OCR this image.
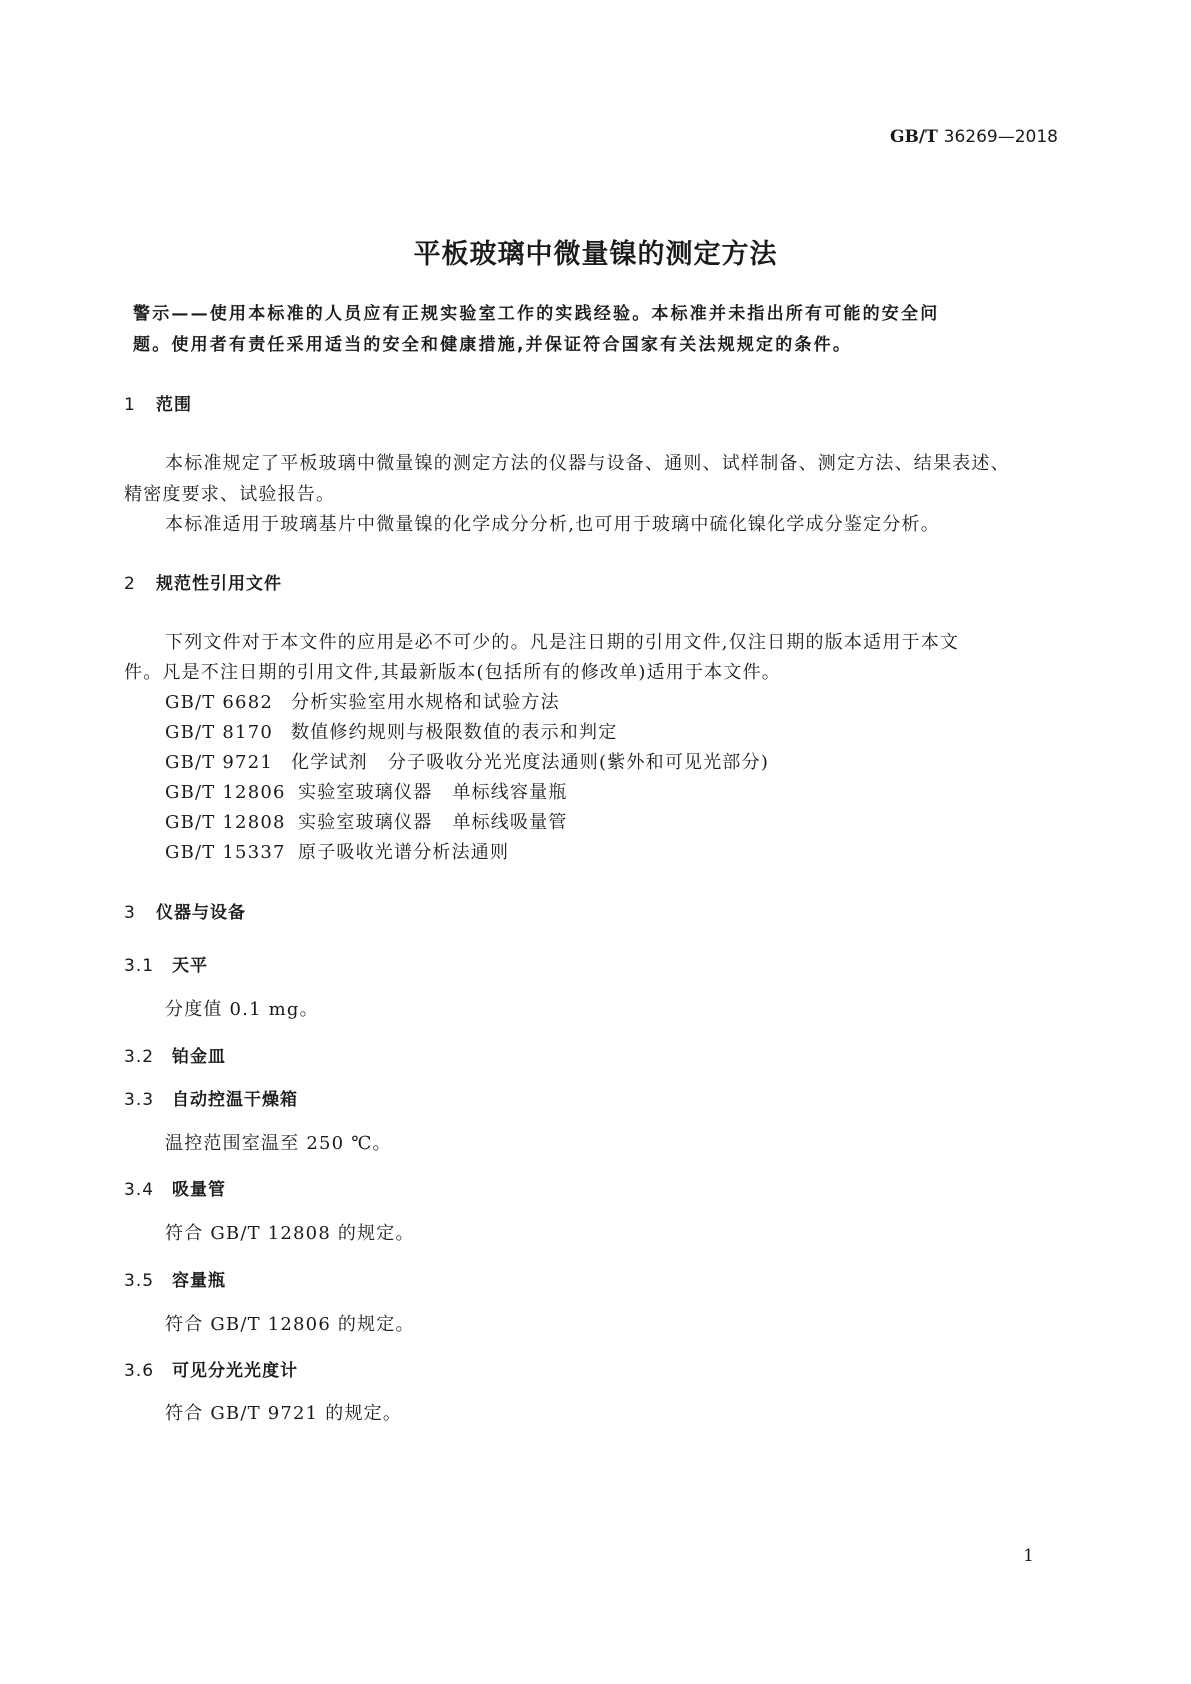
GB/T 36269—2018
平板玻璃中微量镍的测定方法
警示——使用本标准的人员应有正规实验室工作的实践经验。本标准并未指出所有可能的安全问
题。使用者有责任采用适当的安全和健康措施,并保证符合国家有关法规规定的条件。
1 范围
本标准规定了平板玻璃中微量镍的测定方法的仪器与设备、通则、试样制备、测定方法、结果表述、
精密度要求、试验报告。
本标准适用于玻璃基片中微量镍的化学成分分析,也可用于玻璃中硫化镍化学成分鉴定分析。
2 规范性引用文件
下列文件对于本文件的应用是必不可少的。凡是注日期的引用文件,仅注日期的版本适用于本文
件。凡是不注日期的引用文件,其最新版本(包括所有的修改单)适用于本文件。
GB/T 6682 分析实验室用水规格和试验方法
GB/T 8170 数值修约规则与极限数值的表示和判定
GB/T 9721 化学试剂 分子吸收分光光度法通则(紫外和可见光部分)
GB/T 12806 实验室玻璃仪器 单标线容量瓶
GB/T 12808 实验室玻璃仪器 单标线吸量管
GB/T 15337 原子吸收光谱分析法通则
3 仪器与设备
3.1 天平
分度值 0.1 mg。
3.2 铂金皿
3.3 自动控温干燥箱
温控范围室温至 250 ℃。
3.4 吸量管
符合 GB/T 12808 的规定。
3.5 容量瓶
符合 GB/T 12806 的规定。
3.6 可见分光光度计
符合 GB/T 9721 的规定。
1
